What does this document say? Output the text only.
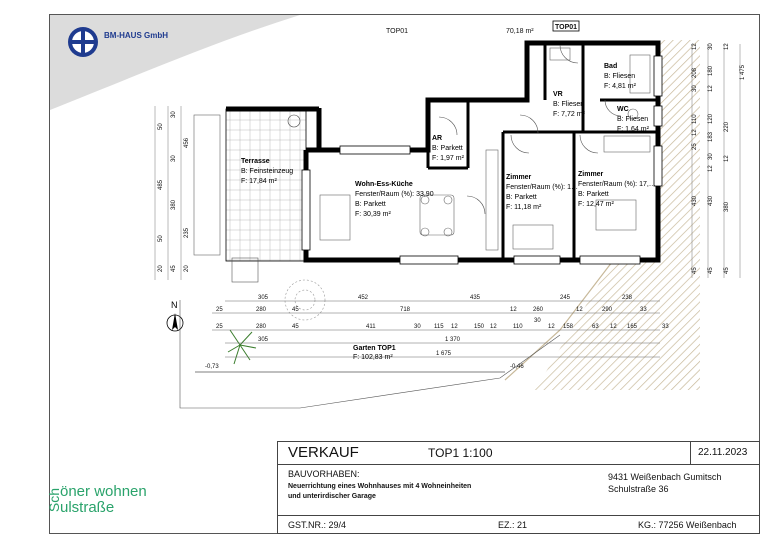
BM-HAUS GmbH	TOP01	70,18 m²
TOP01
N
Terrasse
B: Feinsteinzeug
F: 17,84 m²	Wohn-Ess-Küche
Fenster/Raum (%): 33,90
B: Parkett
F: 30,39 m²
AR
B: Parkett
F: 1,97 m²
VR
B: Fliesen
F: 7,72 m²
Bad
B: Fliesen
F: 4,81 m²
WC
B: Fliesen
F: 1,64 m²
Zimmer
Fenster/Raum (%): 1…
B: Parkett
F: 11,18 m²
Zimmer
Fenster/Raum (%): 17,…
B: Parkett
F: 12,47 m²
Garten TOP1
F: 102,83 m²
-0,73	-0,46
305	452	435	245	238
25	280	45	718	12	260	12	290	33
25	280	45	411	30 115 12	150 12	110
30
12 158	63 12 165	33
305	1 370
1 675
50
30
30
456
485
380
50
235
20 45 20
12
208
30
110
12
25
430
45
30
180
12
120
183
30
12
430
45
12
1 475
220
12
380
45
Sch
öner wohnen
ulstraße
VERKAUF	TOP1 1:100	22.11.2023
BAUVORHABEN:
Neuerrichtung eines Wohnhauses mit 4 Wohneinheiten
und unterirdischer Garage
9431 Weißenbach Gumitsch
Schulstraße 36
GST.NR.: 29/4	EZ.: 21	KG.: 77256 Weißenbach
